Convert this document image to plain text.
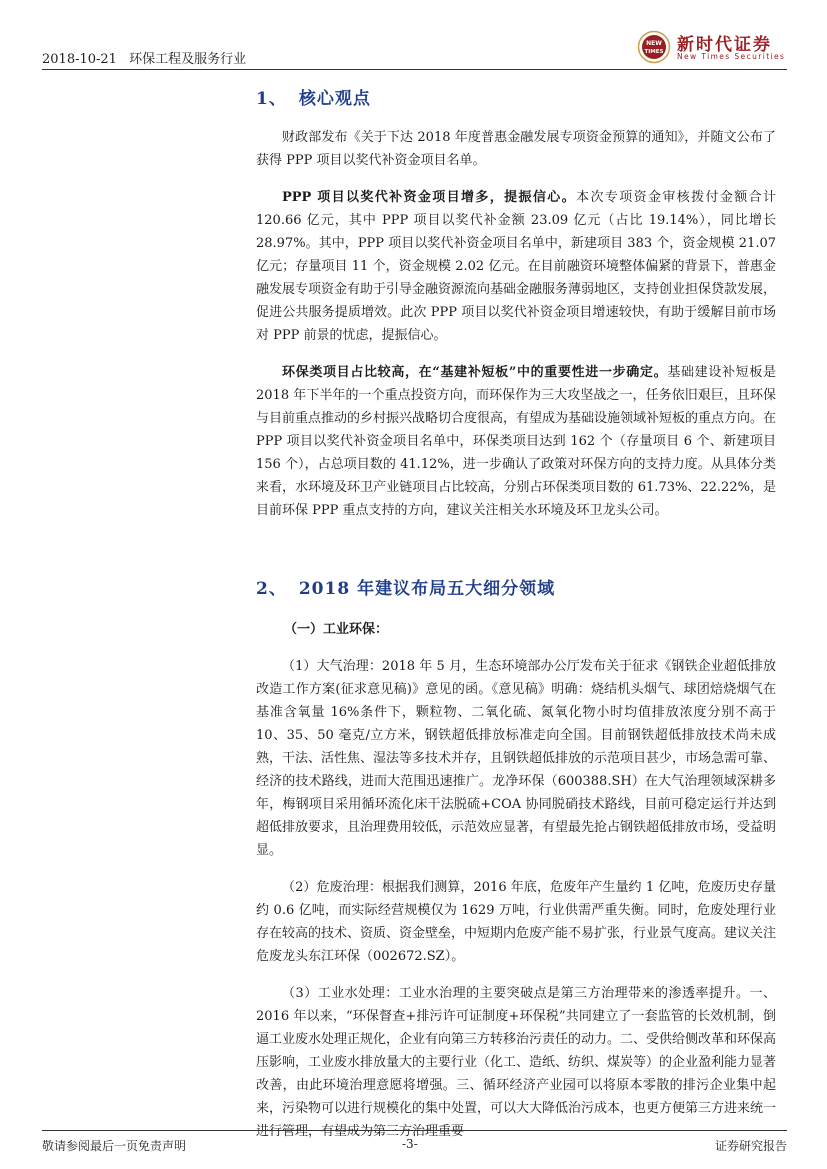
2018-10-21 环保工程及服务行业
NEW
TIMES 新时代证券
New Times Securities
1、 核心观点

财政部发布《关于下达 2018 年度普惠金融发展专项资金预算的通知》，并随文公布了获得 PPP 项目以奖代补资金项目名单。

PPP 项目以奖代补资金项目增多，提振信心。本次专项资金审核拨付金额合计 120.66 亿元，其中 PPP 项目以奖代补金额 23.09 亿元（占比 19.14%），同比增长 28.97%。其中，PPP 项目以奖代补资金项目名单中，新建项目 383 个，资金规模 21.07 亿元；存量项目 11 个，资金规模 2.02 亿元。在目前融资环境整体偏紧的背景下，普惠金融发展专项资金有助于引导金融资源流向基础金融服务薄弱地区，支持创业担保贷款发展，促进公共服务提质增效。此次 PPP 项目以奖代补资金项目增速较快，有助于缓解目前市场对 PPP 前景的忧虑，提振信心。

环保类项目占比较高，在“基建补短板”中的重要性进一步确定。基础建设补短板是 2018 年下半年的一个重点投资方向，而环保作为三大攻坚战之一，任务依旧艰巨，且环保与目前重点推动的乡村振兴战略切合度很高，有望成为基础设施领域补短板的重点方向。在 PPP 项目以奖代补资金项目名单中，环保类项目达到 162 个（存量项目 6 个、新建项目 156 个），占总项目数的 41.12%，进一步确认了政策对环保方向的支持力度。从具体分类来看，水环境及环卫产业链项目占比较高，分别占环保类项目数的 61.73%、22.22%，是目前环保 PPP 重点支持的方向，建议关注相关水环境及环卫龙头公司。

2、 2018 年建议布局五大细分领域
（一）工业环保：

（1）大气治理：2018 年 5 月，生态环境部办公厅发布关于征求《钢铁企业超低排放改造工作方案(征求意见稿)》意见的函。《意见稿》明确：烧结机头烟气、球团焙烧烟气在基准含氧量 16%条件下，颗粒物、二氧化硫、氮氧化物小时均值排放浓度分别不高于 10、35、50 毫克/立方米，钢铁超低排放标准走向全国。目前钢铁超低排放技术尚未成熟，干法、活性焦、湿法等多技术并存，且钢铁超低排放的示范项目甚少，市场急需可靠、经济的技术路线，进而大范围迅速推广。龙净环保（600388.SH）在大气治理领域深耕多年，梅钢项目采用循环流化床干法脱硫+COA 协同脱硝技术路线，目前可稳定运行并达到超低排放要求，且治理费用较低，示范效应显著，有望最先抢占钢铁超低排放市场，受益明显。

（2）危废治理：根据我们测算，2016 年底，危废年产生量约 1 亿吨，危废历史存量约 0.6 亿吨，而实际经营规模仅为 1629 万吨，行业供需严重失衡。同时，危废处理行业存在较高的技术、资质、资金壁垒，中短期内危废产能不易扩张，行业景气度高。建议关注危废龙头东江环保（002672.SZ）。

（3）工业水处理：工业水治理的主要突破点是第三方治理带来的渗透率提升。一、2016 年以来，“环保督查+排污许可证制度+环保税”共同建立了一套监管的长效机制，倒逼工业废水处理正规化，企业有向第三方转移治污责任的动力。二、受供给侧改革和环保高压影响，工业废水排放量大的主要行业（化工、造纸、纺织、煤炭等）的企业盈利能力显著改善，由此环境治理意愿将增强。三、循环经济产业园可以将原本零散的排污企业集中起来，污染物可以进行规模化的集中处置，可以大大降低治污成本，也更方便第三方进来统一进行管理，有望成为第三方治理重要

敬请参阅最后一页免责声明	-3-	证券研究报告
